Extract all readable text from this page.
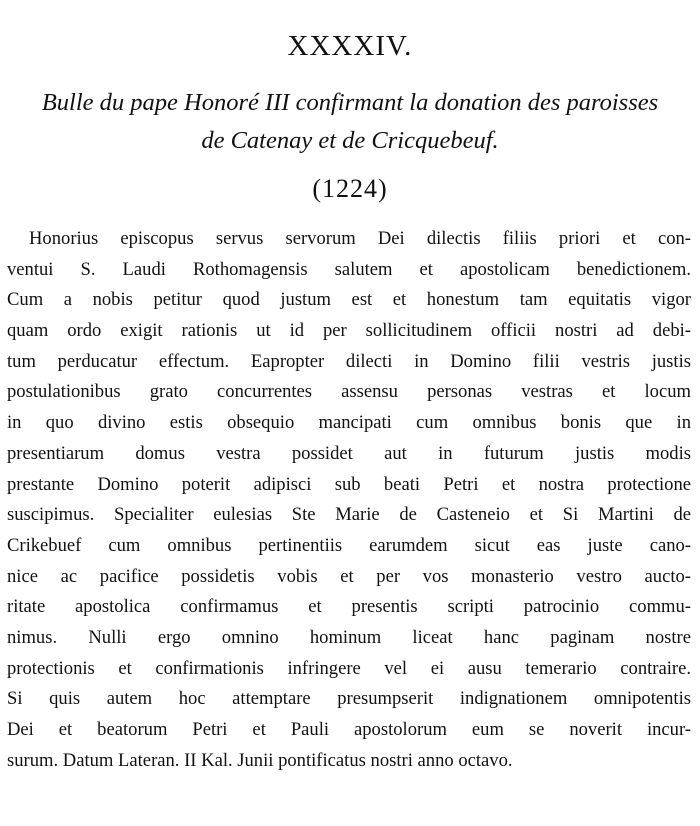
XXXXIV.
Bulle du pape Honoré III confirmant la donation des paroisses
de Catenay et de Cricquebeuf.
(1224)
Honorius episcopus servus servorum Dei dilectis filiis priori et con-
ventui S. Laudi Rothomagensis salutem et apostolicam benedictionem.
Cum a nobis petitur quod justum est et honestum tam equitatis vigor
quam ordo exigit rationis ut id per sollicitudinem officii nostri ad debi-
tum perducatur effectum. Eapropter dilecti in Domino filii vestris justis
postulationibus grato concurrentes assensu personas vestras et locum
in quo divino estis obsequio mancipati cum omnibus bonis que in
presentiarum domus vestra possidet aut in futurum justis modis
prestante Domino poterit adipisci sub beati Petri et nostra protectione
suscipimus. Specialiter eulesias Ste Marie de Casteneio et Si Martini de
Crikebuef cum omnibus pertinentiis earumdem sicut eas juste cano-
nice ac pacifice possidetis vobis et per vos monasterio vestro aucto-
ritate apostolica confirmamus et presentis scripti patrocinio commu-
nimus. Nulli ergo omnino hominum liceat hanc paginam nostre
protectionis et confirmationis infringere vel ei ausu temerario contraire.
Si quis autem hoc attemptare presumpserit indignationem omnipotentis
Dei et beatorum Petri et Pauli apostolorum eum se noverit incur-
surum. Datum Lateran. II Kal. Junii pontificatus nostri anno octavo.
